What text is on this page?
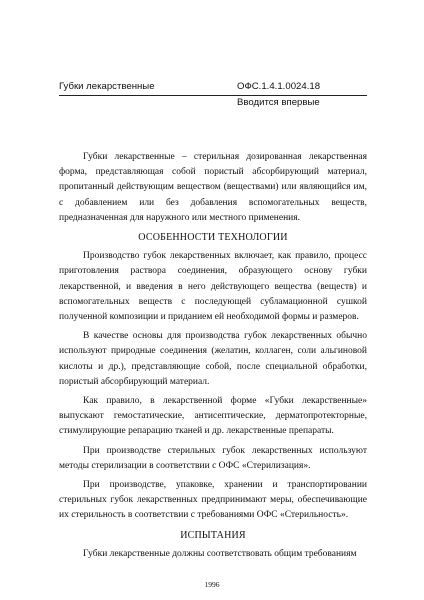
Губки лекарственные	ОФС.1.4.1.0024.18
Вводится впервые

Губки лекарственные – стерильная дозированная лекарственная форма, представляющая собой пористый абсорбирующий материал, пропитанный действующим веществом (веществами) или являющийся им, с добавлением или без добавления вспомогательных веществ, предназначенная для наружного или местного применения.

ОСОБЕННОСТИ ТЕХНОЛОГИИ

Производство губок лекарственных включает, как правило, процесс приготовления раствора соединения, образующего основу губки лекарственной, и введения в него действующего вещества (веществ) и вспомогательных веществ с последующей субламационной сушкой полученной композиции и приданием ей необходимой формы и размеров.

В качестве основы для производства губок лекарственных обычно используют природные соединения (желатин, коллаген, соли альгиновой кислоты и др.), представляющие собой, после специальной обработки, пористый абсорбирующий материал.

Как правило, в лекарственной форме «Губки лекарственные» выпускают гемостатические, антисептические, дерматопротекторные, стимулирующие репарацию тканей и др. лекарственные препараты.

При производстве стерильных губок лекарственных используют методы стерилизации в соответствии с ОФС «Стерилизация».

При производстве, упаковке, хранении и транспортировании стерильных губок лекарственных предпринимают меры, обеспечивающие их стерильность в соответствии с требованиями ОФС «Стерильность».

ИСПЫТАНИЯ

Губки лекарственные должны соответствовать общим требованиям

1996
